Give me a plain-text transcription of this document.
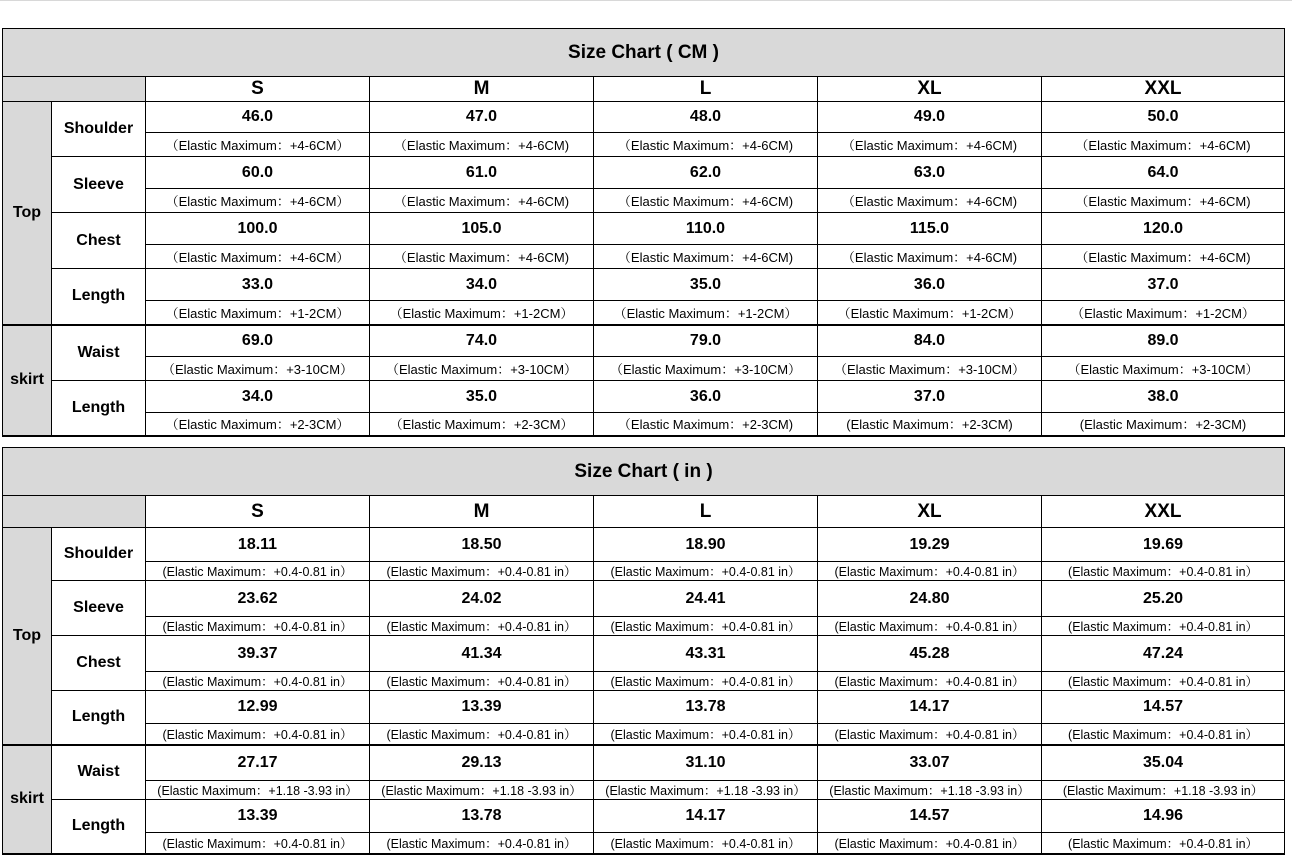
Size Chart ( CM )						
		S	M	L	XL	XXL
Top	Shoulder	46.0	47.0	48.0	49.0	50.0
		（Elastic Maximum：+4-6CM）	（Elastic Maximum：+4-6CM)	（Elastic Maximum：+4-6CM)	（Elastic Maximum：+4-6CM)	（Elastic Maximum：+4-6CM)
	Sleeve	60.0	61.0	62.0	63.0	64.0
		（Elastic Maximum：+4-6CM）	（Elastic Maximum：+4-6CM)	（Elastic Maximum：+4-6CM)	（Elastic Maximum：+4-6CM)	（Elastic Maximum：+4-6CM)
	Chest	100.0	105.0	110.0	115.0	120.0
		（Elastic Maximum：+4-6CM）	（Elastic Maximum：+4-6CM)	（Elastic Maximum：+4-6CM)	（Elastic Maximum：+4-6CM)	（Elastic Maximum：+4-6CM)
	Length	33.0	34.0	35.0	36.0	37.0
		（Elastic Maximum：+1-2CM）	（Elastic Maximum：+1-2CM）	（Elastic Maximum：+1-2CM）	（Elastic Maximum：+1-2CM）	（Elastic Maximum：+1-2CM）
skirt	Waist	69.0	74.0	79.0	84.0	89.0
		（Elastic Maximum：+3-10CM）	（Elastic Maximum：+3-10CM）	（Elastic Maximum：+3-10CM）	（Elastic Maximum：+3-10CM）	（Elastic Maximum：+3-10CM）
	Length	34.0	35.0	36.0	37.0	38.0
		（Elastic Maximum：+2-3CM）	（Elastic Maximum：+2-3CM）	（Elastic Maximum：+2-3CM)	(Elastic Maximum：+2-3CM)	(Elastic Maximum：+2-3CM)
Size Chart ( in )						
		S	M	L	XL	XXL
Top	Shoulder	18.11	18.50	18.90	19.29	19.69
		(Elastic Maximum：+0.4-0.81 in）	(Elastic Maximum：+0.4-0.81 in）	(Elastic Maximum：+0.4-0.81 in）	(Elastic Maximum：+0.4-0.81 in）	(Elastic Maximum：+0.4-0.81 in）
	Sleeve	23.62	24.02	24.41	24.80	25.20
		(Elastic Maximum：+0.4-0.81 in）	(Elastic Maximum：+0.4-0.81 in）	(Elastic Maximum：+0.4-0.81 in）	(Elastic Maximum：+0.4-0.81 in）	(Elastic Maximum：+0.4-0.81 in）
	Chest	39.37	41.34	43.31	45.28	47.24
		(Elastic Maximum：+0.4-0.81 in）	(Elastic Maximum：+0.4-0.81 in）	(Elastic Maximum：+0.4-0.81 in）	(Elastic Maximum：+0.4-0.81 in）	(Elastic Maximum：+0.4-0.81 in）
	Length	12.99	13.39	13.78	14.17	14.57
		(Elastic Maximum：+0.4-0.81 in）	(Elastic Maximum：+0.4-0.81 in）	(Elastic Maximum：+0.4-0.81 in）	(Elastic Maximum：+0.4-0.81 in）	(Elastic Maximum：+0.4-0.81 in）
skirt	Waist	27.17	29.13	31.10	33.07	35.04
		(Elastic Maximum：+1.18 -3.93 in）	(Elastic Maximum：+1.18 -3.93 in）	(Elastic Maximum：+1.18 -3.93 in）	(Elastic Maximum：+1.18 -3.93 in）	(Elastic Maximum：+1.18 -3.93 in）
	Length	13.39	13.78	14.17	14.57	14.96
		(Elastic Maximum：+0.4-0.81 in）	(Elastic Maximum：+0.4-0.81 in）	(Elastic Maximum：+0.4-0.81 in）	(Elastic Maximum：+0.4-0.81 in）	(Elastic Maximum：+0.4-0.81 in）
